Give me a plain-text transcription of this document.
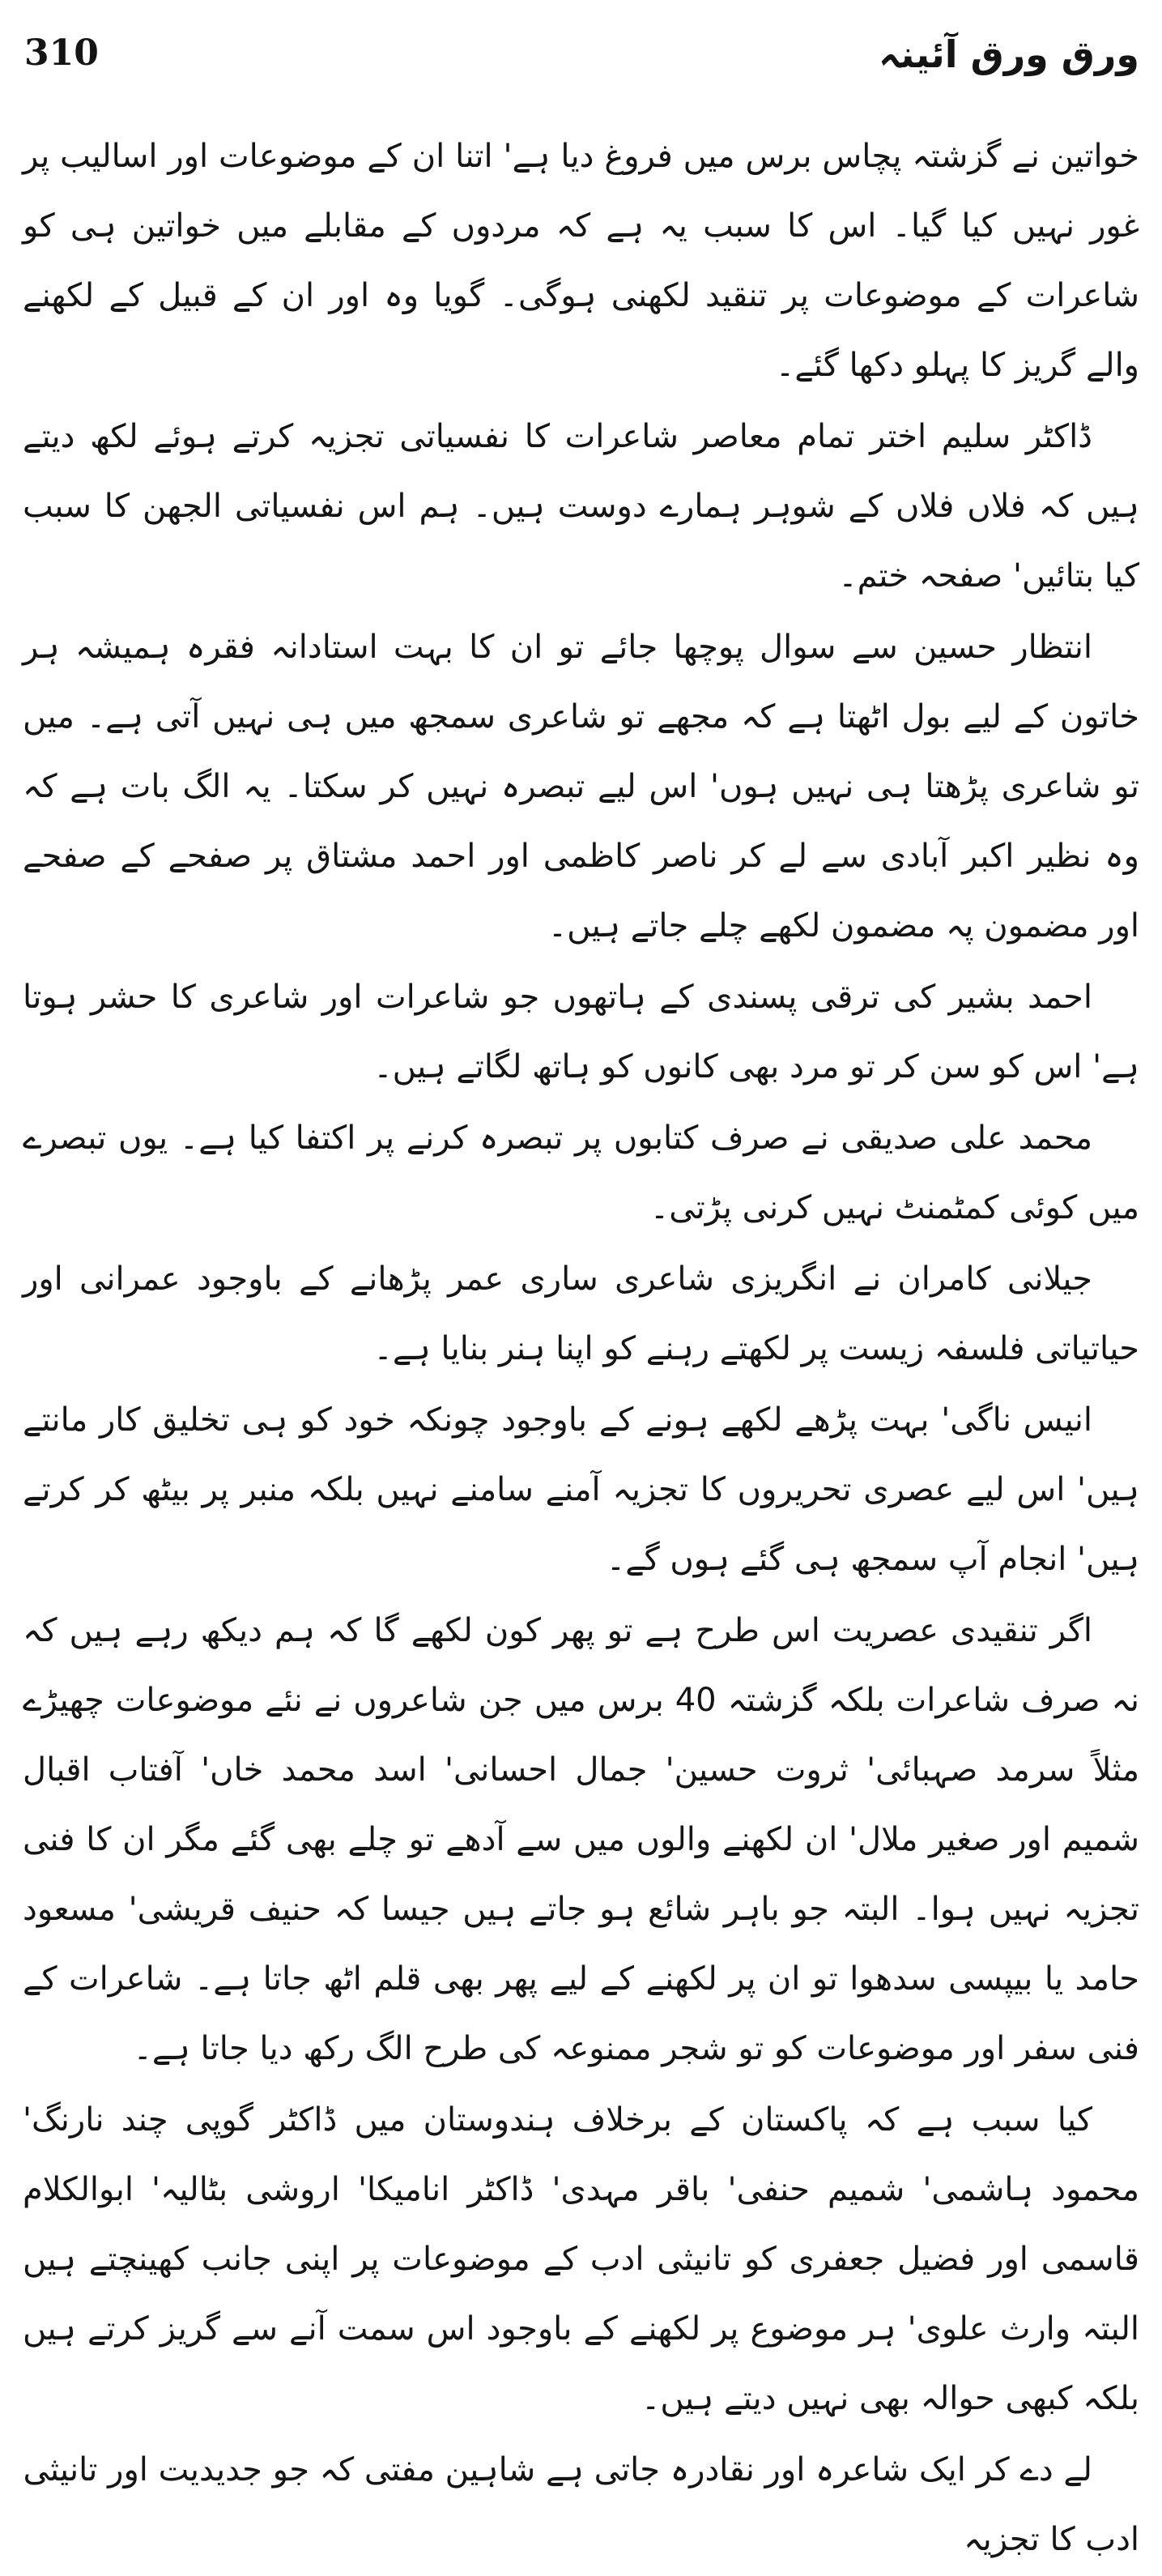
310	ورق ورق آئینہ

خواتین نے گزشتہ پچاس برس میں فروغ دیا ہے' اتنا ان کے موضوعات اور اسالیب پر غور نہیں کیا گیا۔ اس کا سبب یہ ہے کہ مردوں کے مقابلے میں خواتین ہی کو شاعرات کے موضوعات پر تنقید لکھنی ہوگی۔ گویا وہ اور ان کے قبیل کے لکھنے والے گریز کا پہلو دکھا گئے۔

ڈاکٹر سلیم اختر تمام معاصر شاعرات کا نفسیاتی تجزیہ کرتے ہوئے لکھ دیتے ہیں کہ فلاں فلاں کے شوہر ہمارے دوست ہیں۔ ہم اس نفسیاتی الجھن کا سبب کیا بتائیں' صفحہ ختم۔

انتظار حسین سے سوال پوچھا جائے تو ان کا بہت استادانہ فقرہ ہمیشہ ہر خاتون کے لیے بول اٹھتا ہے کہ مجھے تو شاعری سمجھ میں ہی نہیں آتی ہے۔ میں تو شاعری پڑھتا ہی نہیں ہوں' اس لیے تبصرہ نہیں کر سکتا۔ یہ الگ بات ہے کہ وہ نظیر اکبر آبادی سے لے کر ناصر کاظمی اور احمد مشتاق پر صفحے کے صفحے اور مضمون پہ مضمون لکھے چلے جاتے ہیں۔

احمد بشیر کی ترقی پسندی کے ہاتھوں جو شاعرات اور شاعری کا حشر ہوتا ہے' اس کو سن کر تو مرد بھی کانوں کو ہاتھ لگاتے ہیں۔

محمد علی صدیقی نے صرف کتابوں پر تبصرہ کرنے پر اکتفا کیا ہے۔ یوں تبصرے میں کوئی کمٹمنٹ نہیں کرنی پڑتی۔

جیلانی کامران نے انگریزی شاعری ساری عمر پڑھانے کے باوجود عمرانی اور حیاتیاتی فلسفہ زیست پر لکھتے رہنے کو اپنا ہنر بنایا ہے۔

انیس ناگی' بہت پڑھے لکھے ہونے کے باوجود چونکہ خود کو ہی تخلیق کار مانتے ہیں' اس لیے عصری تحریروں کا تجزیہ آمنے سامنے نہیں بلکہ منبر پر بیٹھ کر کرتے ہیں' انجام آپ سمجھ ہی گئے ہوں گے۔

اگر تنقیدی عصریت اس طرح ہے تو پھر کون لکھے گا کہ ہم دیکھ رہے ہیں کہ نہ صرف شاعرات بلکہ گزشتہ 40 برس میں جن شاعروں نے نئے موضوعات چھیڑے مثلاً سرمد صہبائی' ثروت حسین' جمال احسانی' اسد محمد خاں' آفتاب اقبال شمیم اور صغیر ملال' ان لکھنے والوں میں سے آدھے تو چلے بھی گئے مگر ان کا فنی تجزیہ نہیں ہوا۔ البتہ جو باہر شائع ہو جاتے ہیں جیسا کہ حنیف قریشی' مسعود حامد یا بیپسی سدھوا تو ان پر لکھنے کے لیے پھر بھی قلم اٹھ جاتا ہے۔ شاعرات کے فنی سفر اور موضوعات کو تو شجر ممنوعہ کی طرح الگ رکھ دیا جاتا ہے۔

کیا سبب ہے کہ پاکستان کے برخلاف ہندوستان میں ڈاکٹر گوپی چند نارنگ' محمود ہاشمی' شمیم حنفی' باقر مہدی' ڈاکٹر انامیکا' اروشی بٹالیہ' ابوالکلام قاسمی اور فضیل جعفری کو تانیثی ادب کے موضوعات پر اپنی جانب کھینچتے ہیں البتہ وارث علوی' ہر موضوع پر لکھنے کے باوجود اس سمت آنے سے گریز کرتے ہیں بلکہ کبھی حوالہ بھی نہیں دیتے ہیں۔

لے دے کر ایک شاعرہ اور نقادرہ جاتی ہے شاہین مفتی کہ جو جدیدیت اور تانیثی ادب کا تجزیہ
